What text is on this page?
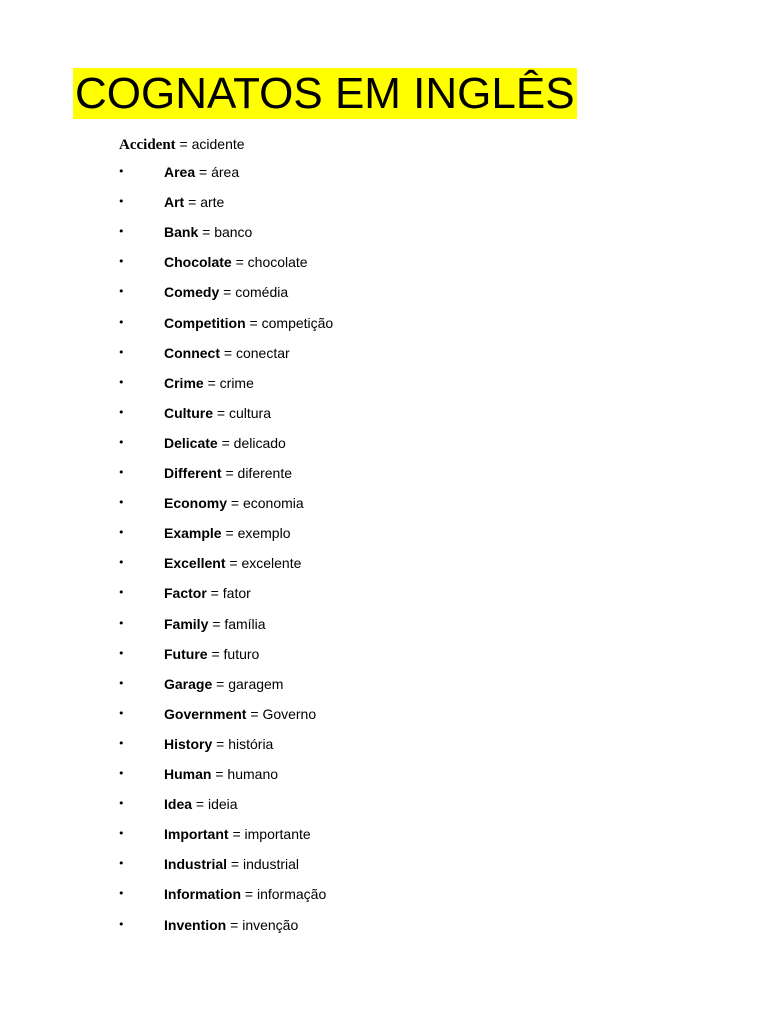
COGNATOS EM INGLÊS
Accident = acidente
•	Area = área
•	Art = arte
•	Bank = banco
•	Chocolate = chocolate
•	Comedy = comédia
•	Competition = competição
•	Connect = conectar
•	Crime = crime
•	Culture = cultura
•	Delicate = delicado
•	Different = diferente
•	Economy = economia
•	Example = exemplo
•	Excellent = excelente
•	Factor = fator
•	Family = família
•	Future = futuro
•	Garage = garagem
•	Government = Governo
•	History = história
•	Human = humano
•	Idea = ideia
•	Important = importante
•	Industrial = industrial
•	Information = informação
•	Invention = invenção
